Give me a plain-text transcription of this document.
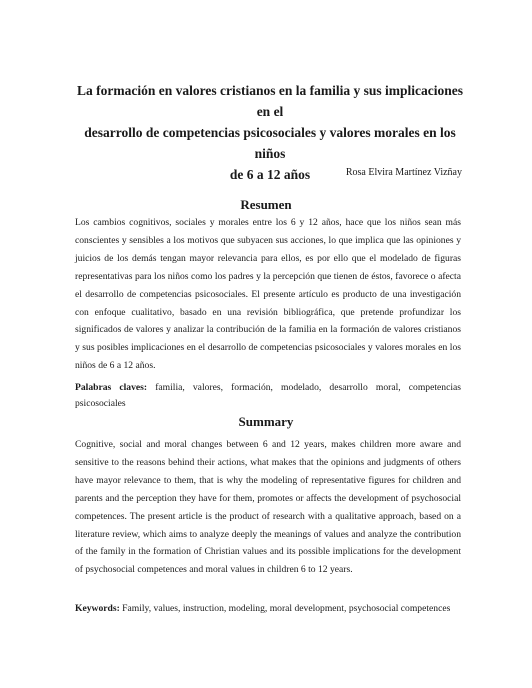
La formación en valores cristianos en la familia y sus implicaciones en el
desarrollo de competencias psicosociales y valores morales en los niños
de 6 a 12 años	Rosa Elvira Martínez Vizñay
Resumen
Los cambios cognitivos, sociales y morales entre los 6 y 12 años, hace que los niños sean más
conscientes y sensibles a los motivos que subyacen sus acciones, lo que implica que las opiniones y
juicios de los demás tengan mayor relevancia para ellos, es por ello que el modelado de figuras
representativas para los niños como los padres y la percepción que tienen de éstos, favorece o afecta
el desarrollo de competencias psicosociales. El presente artículo es producto de una investigación
con enfoque cualitativo, basado en una revisión bibliográfica, que pretende profundizar los
significados de valores y analizar la contribución de la familia en la formación de valores cristianos
y sus posibles implicaciones en el desarrollo de competencias psicosociales y valores morales en los
niños de 6 a 12 años.
Palabras claves: familia, valores, formación, modelado, desarrollo moral, competencias
psicosociales
Summary
Cognitive, social and moral changes between 6 and 12 years, makes children more aware and
sensitive to the reasons behind their actions, what makes that the opinions and judgments of others
have mayor relevance to them, that is why the modeling of representative figures for children and
parents and the perception they have for them, promotes or affects the development of psychosocial
competences. The present article is the product of research with a qualitative approach, based on a
literature review, which aims to analyze deeply the meanings of values and analyze the contribution
of the family in the formation of Christian values and its possible implications for the development
of psychosocial competences and moral values in children 6 to 12 years.
Keywords: Family, values, instruction, modeling, moral development, psychosocial competences
